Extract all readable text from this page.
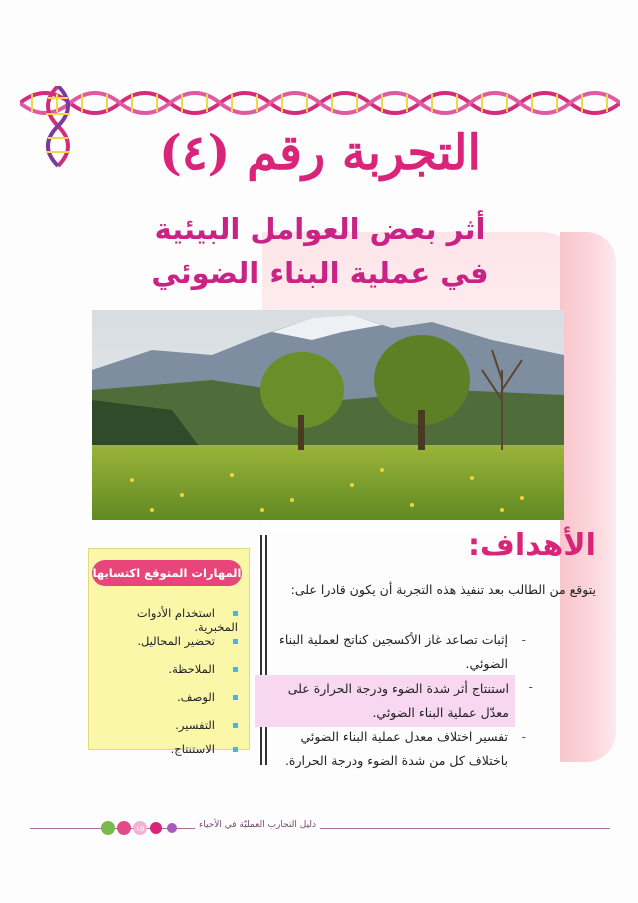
التجربة رقم (٤)
أثر بعض العوامل البيئية
في عملية البناء الضوئي
الأهداف:
يتوقع من الطالب بعد تنفيذ هذه التجربة أن يكون قادرا على:
-
إثبات تصاعد غاز الأكسجين كناتج لعملية البناء الضوئي.
-
استنتاج أثر شدة الضوء ودرجة الحرارة على معدّل عملية البناء الضوئي.
-
تفسير اختلاف معدل عملية البناء الضوئي باختلاف كل من شدة الضوء ودرجة الحرارة.
المهارات المتوقع اكتسابها
استخدام الأدوات المخبرية.
تحضير المحاليل.
الملاحظة.
الوصف.
التفسير.
الاستنتاج.
١٥	دليل التجارب العمليّة في الأحياء
